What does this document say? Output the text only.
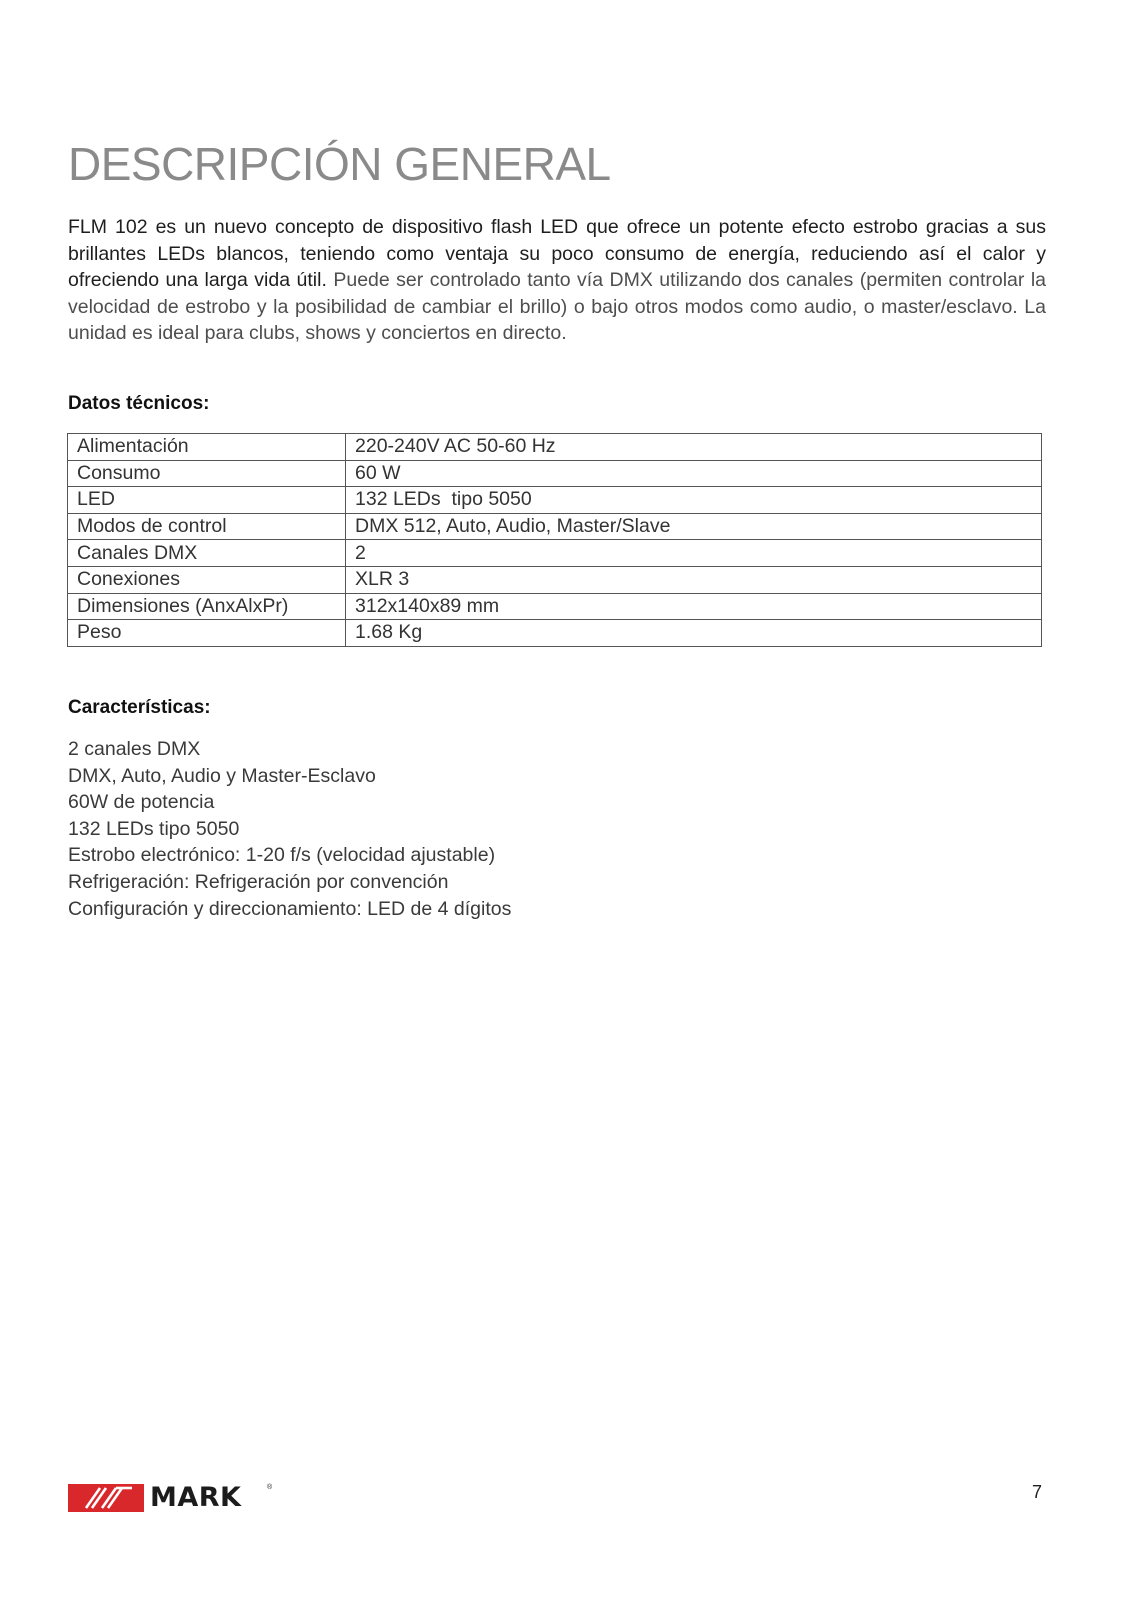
DESCRIPCIÓN GENERAL

FLM 102 es un nuevo concepto de dispositivo flash LED que ofrece un potente efecto estrobo gracias a sus brillantes LEDs blancos, teniendo como ventaja su poco consumo de energía, reduciendo así el calor y ofreciendo una larga vida útil. Puede ser controlado tanto vía DMX utilizando dos canales (permiten controlar la velocidad de estrobo y la posibilidad de cambiar el brillo) o bajo otros modos como audio, o master/esclavo. La unidad es ideal para clubs, shows y conciertos en directo.

Datos técnicos:
Alimentación	220-240V AC 50-60 Hz
Consumo	60 W
LED	132 LEDs  tipo 5050
Modos de control	DMX 512, Auto, Audio, Master/Slave
Canales DMX	2
Conexiones	XLR 3
Dimensiones (AnxAlxPr)	312x140x89 mm
Peso	1.68 Kg
Características:
2 canales DMX
DMX, Auto, Audio y Master-Esclavo
60W de potencia
132 LEDs tipo 5050
Estrobo electrónico: 1-20 f/s (velocidad ajustable)
Refrigeración: Refrigeración por convención
Configuración y direccionamiento: LED de 4 dígitos
MARK	®	7
